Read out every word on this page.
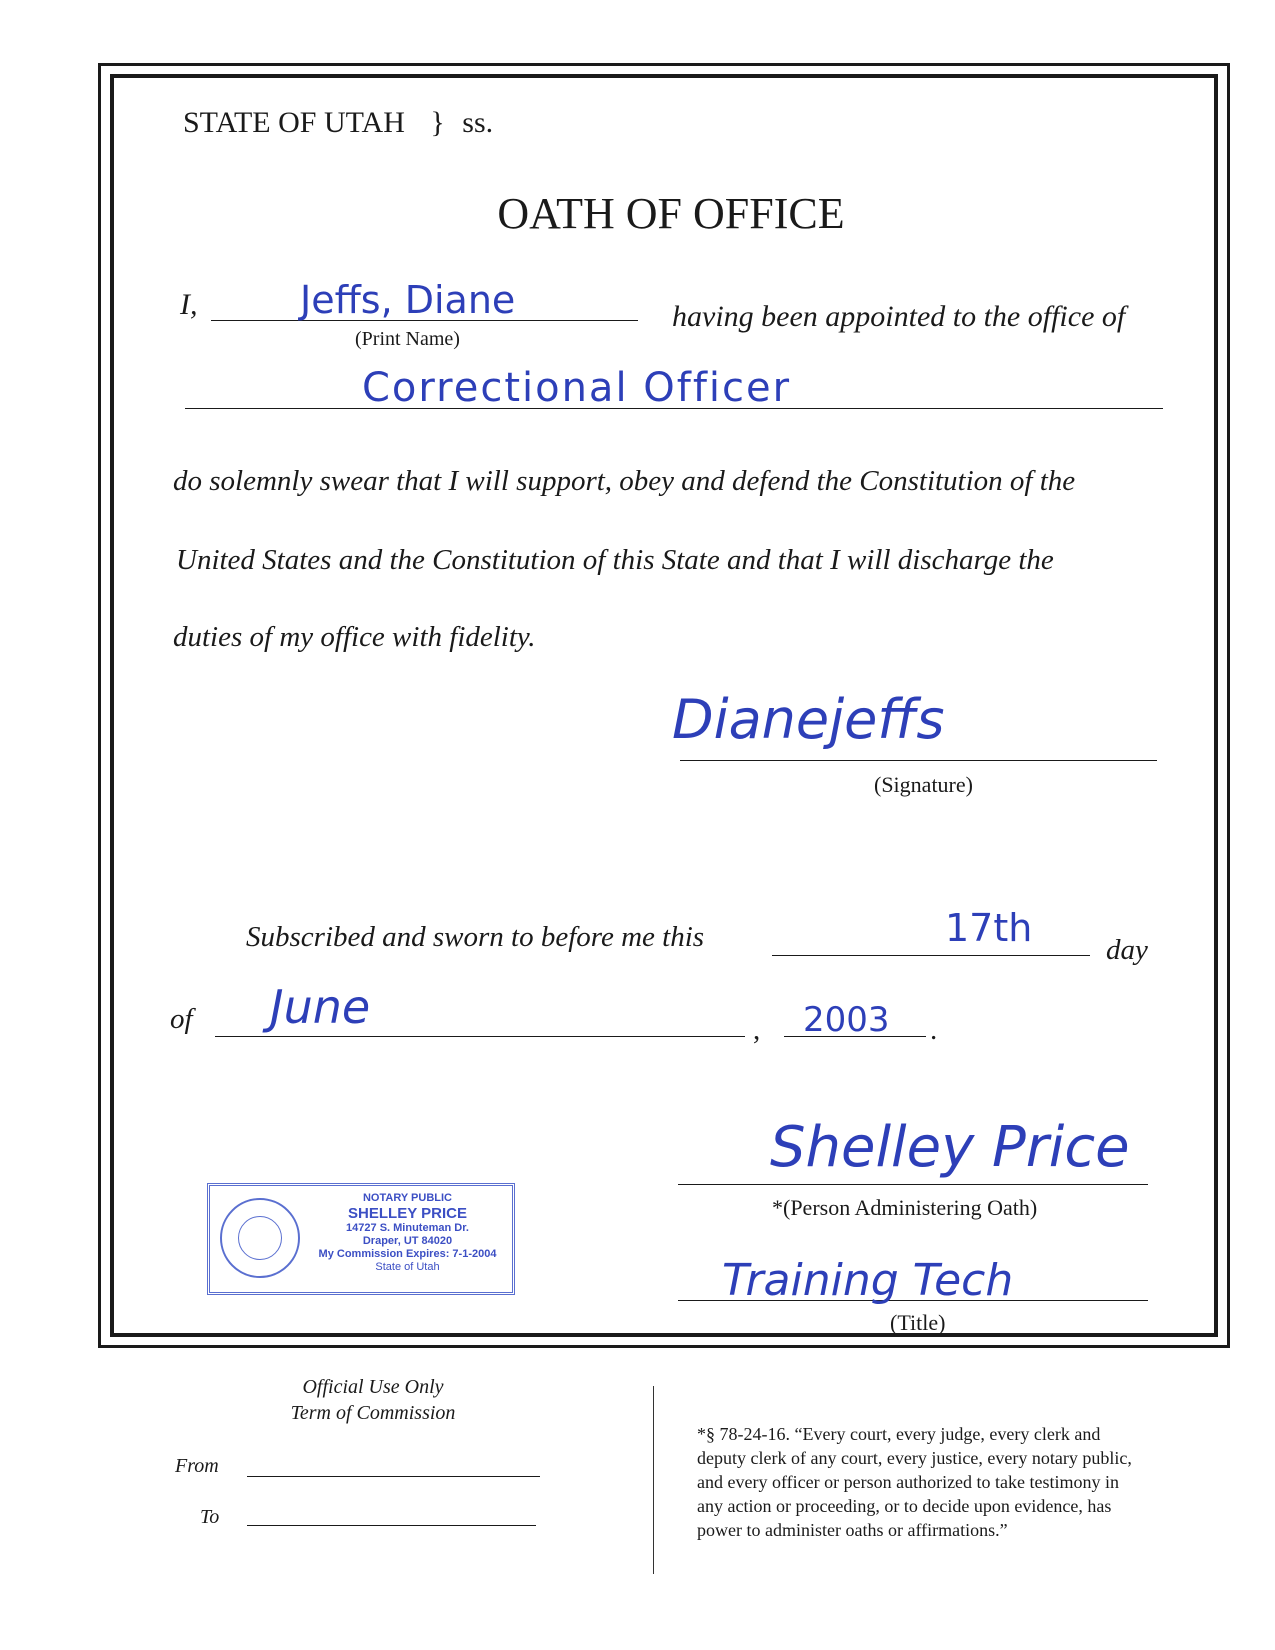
STATE OF UTAH } ss.
OATH OF OFFICE
I,	Jeffs, Diane
(Print Name)
having been appointed to the office of
Correctional Officer
do solemnly swear that I will support, obey and defend the Constitution of the
United States and the Constitution of this State and that I will discharge the
duties of my office with fidelity.
Dianejeffs
(Signature)
Subscribed and sworn to before me this	17th	day
of June	, 2003 .
Shelley Price
*(Person Administering Oath)
Training Tech
(Title)
NOTARY PUBLIC
SHELLEY PRICE
14727 S. Minuteman Dr.
Draper, UT 84020
My Commission Expires: 7-1-2004
State of Utah
Official Use Only
Term of Commission
From
To
*§ 78-24-16. “Every court, every judge, every clerk and
deputy clerk of any court, every justice, every notary public,
and every officer or person authorized to take testimony in
any action or proceeding, or to decide upon evidence, has
power to administer oaths or affirmations.”
